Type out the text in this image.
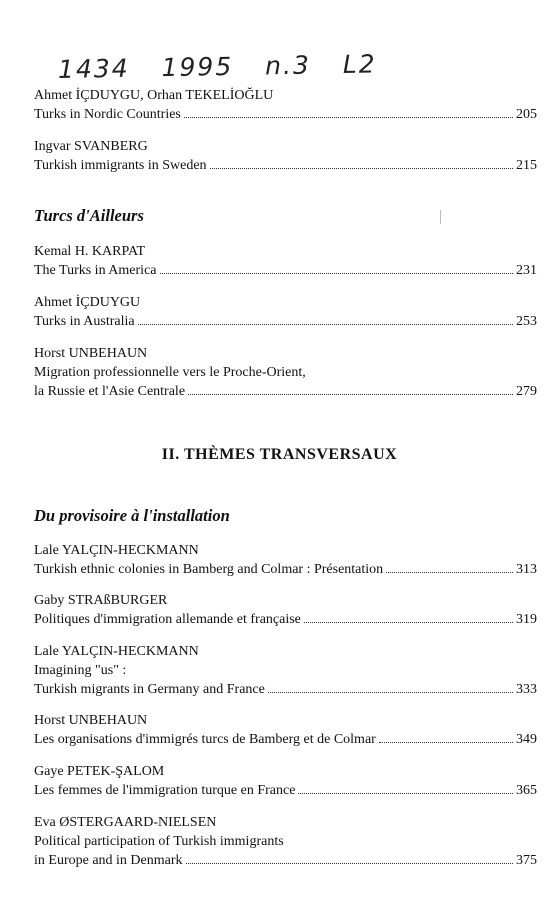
1434 1995 n.3 L2
Ahmet İÇDUYGU, Orhan TEKELİOĞLU
Turks in Nordic Countries	205
Ingvar SVANBERG
Turkish immigrants in Sweden	215
Turcs d'Ailleurs
Kemal H. KARPAT
The Turks in America	231
Ahmet İÇDUYGU
Turks in Australia	253
Horst UNBEHAUN
Migration professionnelle vers le Proche-Orient,
la Russie et l'Asie Centrale	279
II. THÈMES TRANSVERSAUX
Du provisoire à l'installation
Lale YALÇIN-HECKMANN
Turkish ethnic colonies in Bamberg and Colmar : Présentation	313
Gaby STRAßBURGER
Politiques d'immigration allemande et française	319
Lale YALÇIN-HECKMANN
Imagining "us" :
Turkish migrants in Germany and France	333
Horst UNBEHAUN
Les organisations d'immigrés turcs de Bamberg et de Colmar	349
Gaye PETEK-ŞALOM
Les femmes de l'immigration turque en France	365
Eva ØSTERGAARD-NIELSEN
Political participation of Turkish immigrants
in Europe and in Denmark	375
